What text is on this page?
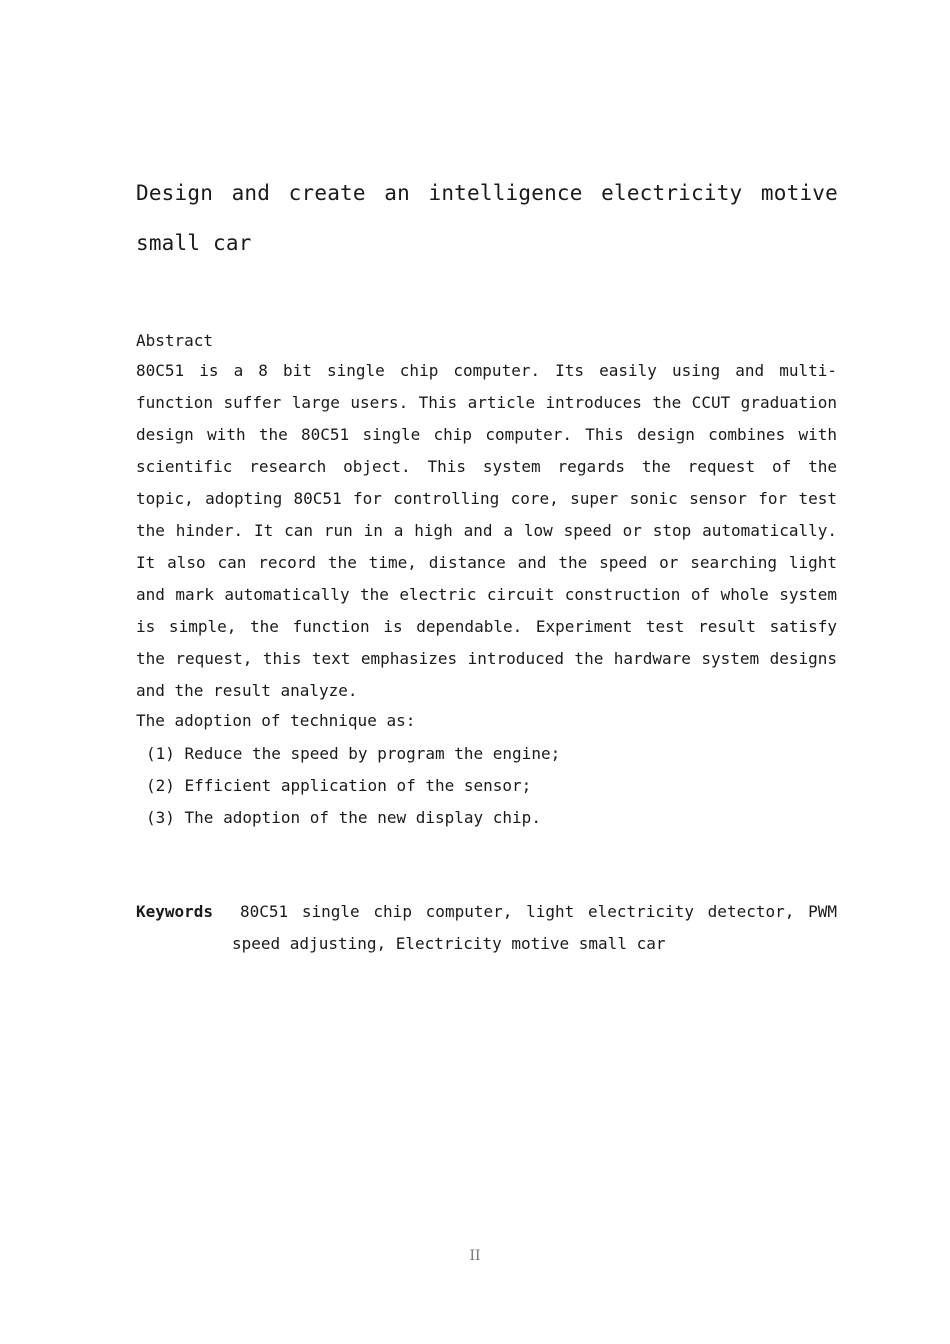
Design and create an intelligence electricity motive small car
Abstract

80C51 is a 8 bit single chip computer. Its easily using and multi-function suffer large users. This article introduces the CCUT graduation design with the 80C51 single chip computer. This design combines with scientific research object. This system regards the request of the topic, adopting 80C51 for controlling core, super sonic sensor for test the hinder. It can run in a high and a low speed or stop automatically. It also can record the time, distance and the speed or searching light and mark automatically the electric circuit construction of whole system is simple, the function is dependable. Experiment test result satisfy the request, this text emphasizes introduced the hardware system designs and the result analyze.

The adoption of technique as:
(1) Reduce the speed by program the engine;
(2) Efficient application of the sensor;
(3) The adoption of the new display chip.
Keywords 80C51 single chip computer, light electricity detector, PWM
speed adjusting, Electricity motive small car
II
